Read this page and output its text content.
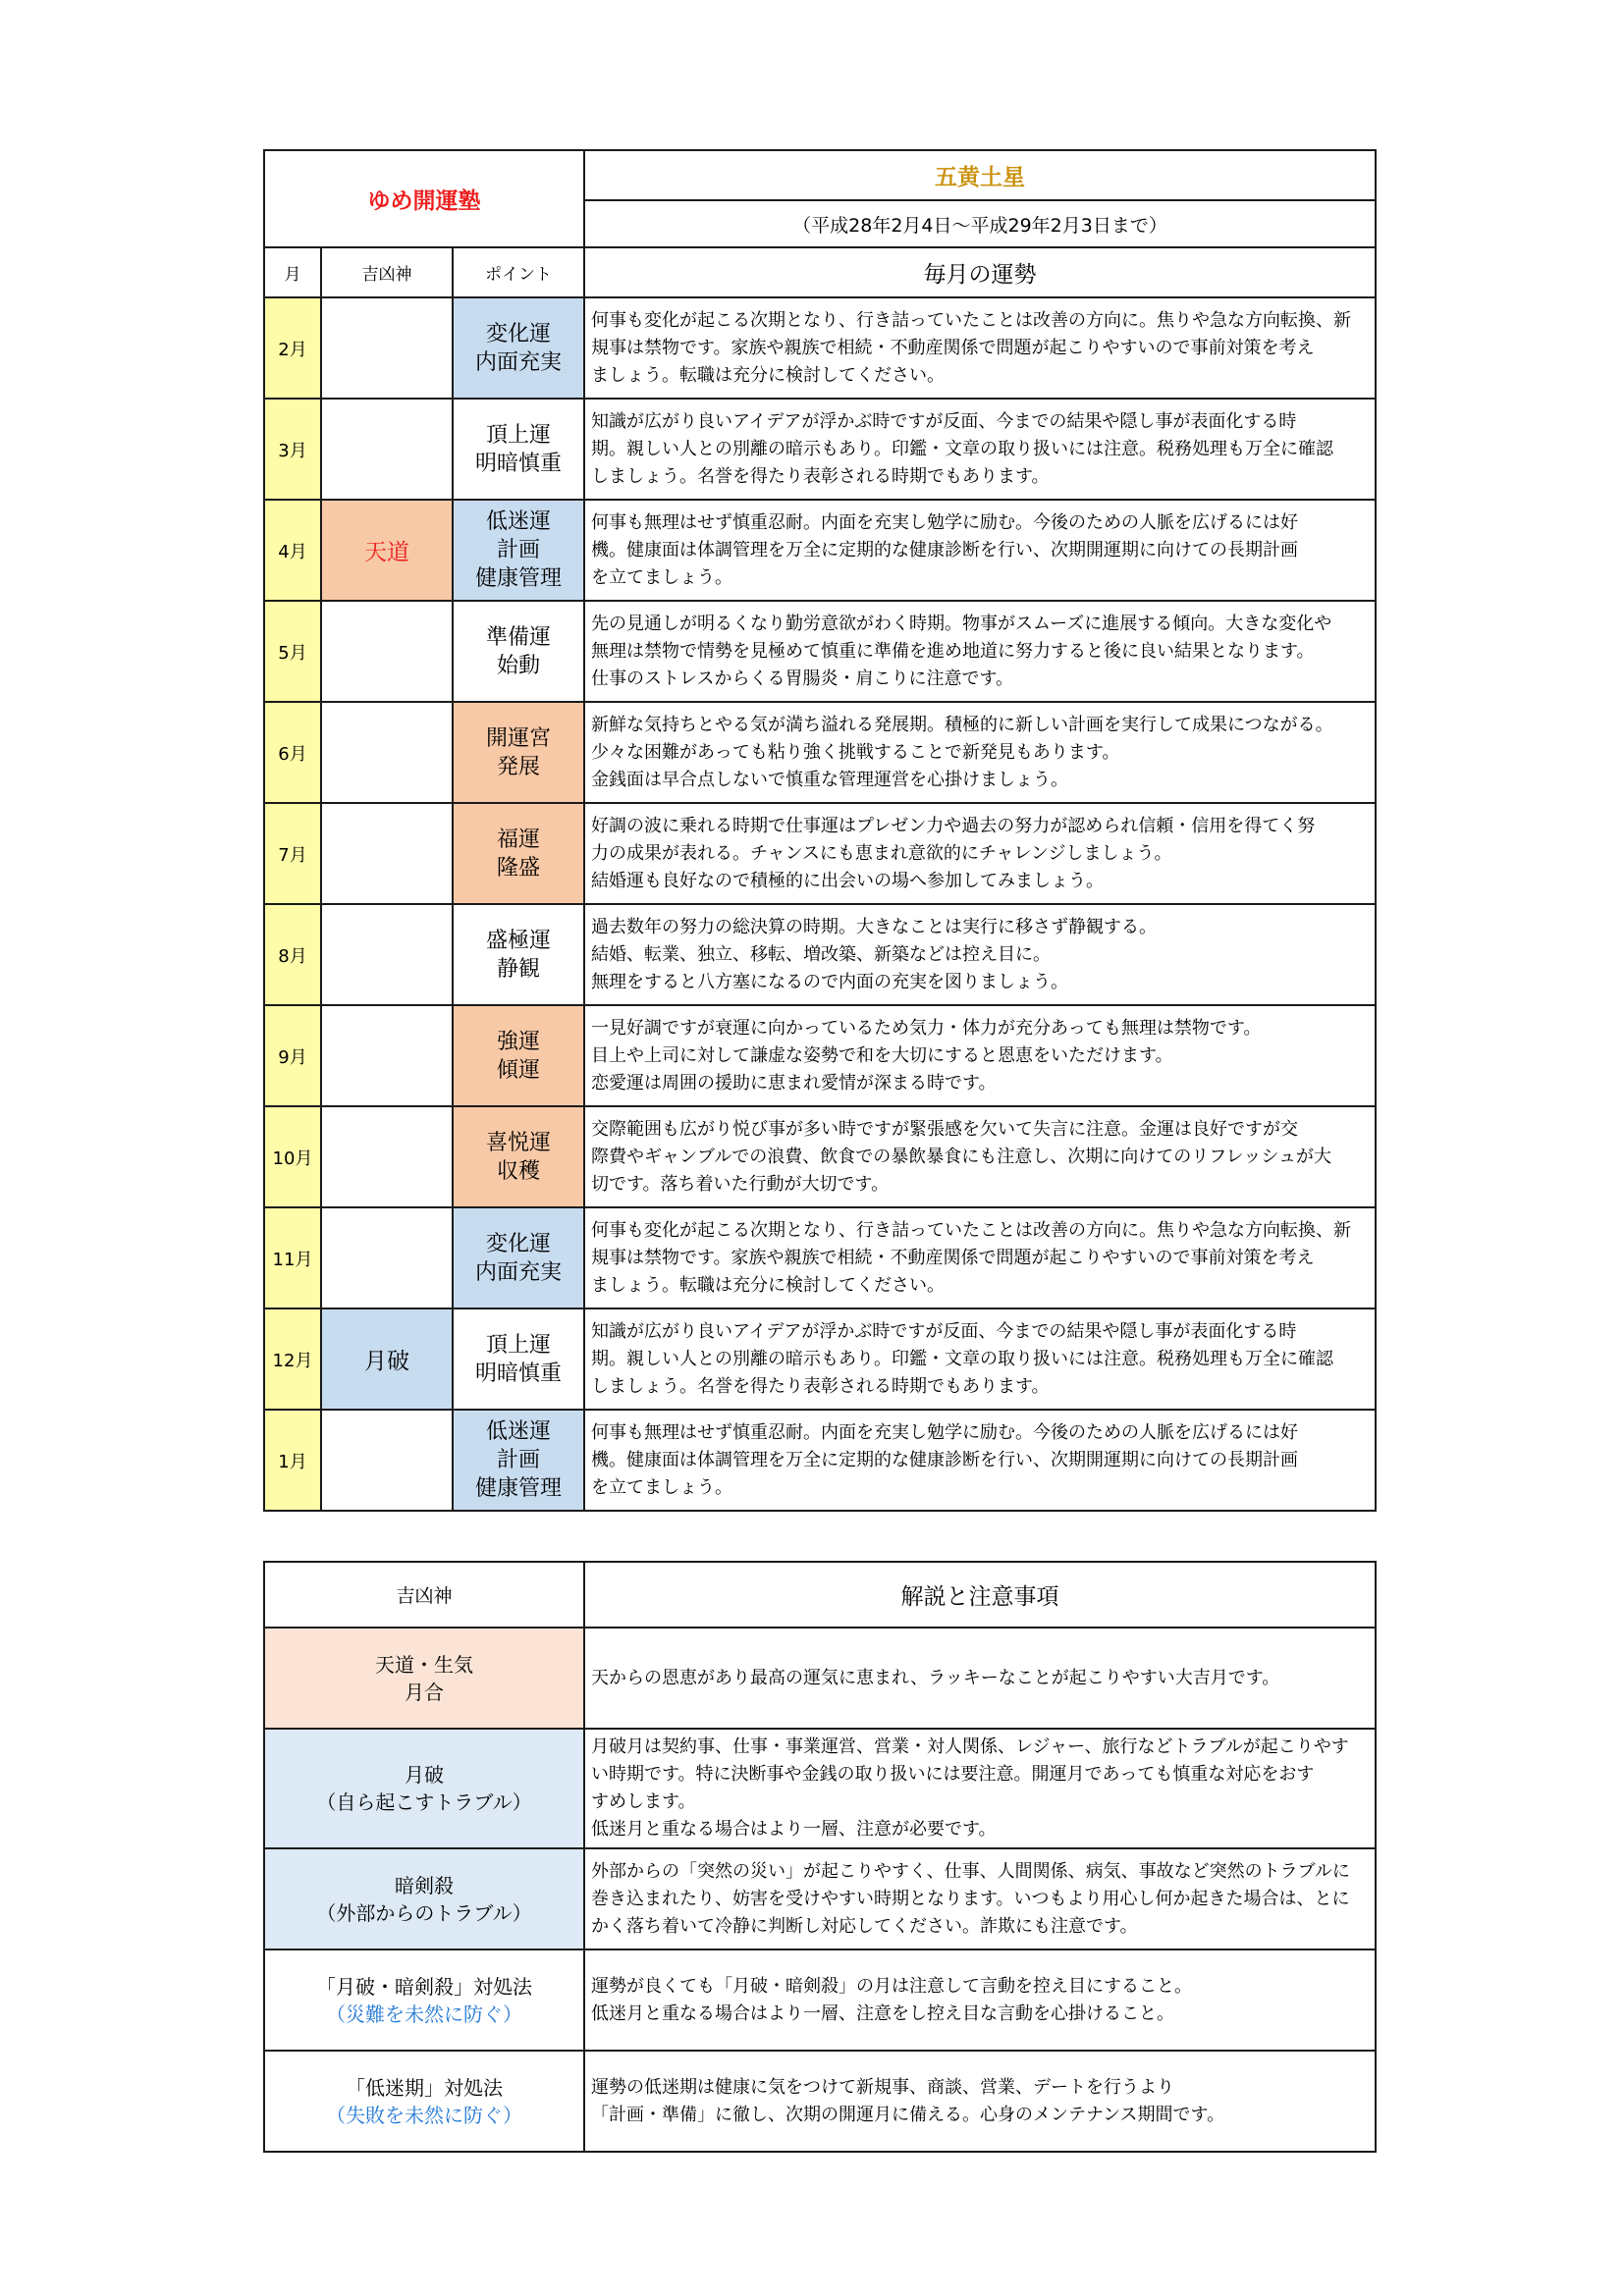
ゆめ開運塾			五黄土星
			（平成28年2月4日～平成29年2月3日まで）
月	吉凶神	ポイント	毎月の運勢
2月		変化運
内面充実	何事も変化が起こる次期となり、行き詰っていたことは改善の方向に。焦りや急な方向転換、新
規事は禁物です。家族や親族で相続・不動産関係で問題が起こりやすいので事前対策を考え
ましょう。転職は充分に検討してください。

3月		頂上運
明暗慎重	知識が広がり良いアイデアが浮かぶ時ですが反面、今までの結果や隠し事が表面化する時
期。親しい人との別離の暗示もあり。印鑑・文章の取り扱いには注意。税務処理も万全に確認
しましょう。名誉を得たり表彰される時期でもあります。

4月	天道	低迷運
計画
健康管理	何事も無理はせず慎重忍耐。内面を充実し勉学に励む。今後のための人脈を広げるには好
機。健康面は体調管理を万全に定期的な健康診断を行い、次期開運期に向けての長期計画
を立てましょう。

5月		準備運
始動	先の見通しが明るくなり勤労意欲がわく時期。物事がスムーズに進展する傾向。大きな変化や
無理は禁物で情勢を見極めて慎重に準備を進め地道に努力すると後に良い結果となります。
仕事のストレスからくる胃腸炎・肩こりに注意です。

6月		開運宮
発展	新鮮な気持ちとやる気が満ち溢れる発展期。積極的に新しい計画を実行して成果につながる。
少々な困難があっても粘り強く挑戦することで新発見もあります。
金銭面は早合点しないで慎重な管理運営を心掛けましょう。

7月		福運
隆盛	好調の波に乗れる時期で仕事運はプレゼン力や過去の努力が認められ信頼・信用を得てく努
力の成果が表れる。チャンスにも恵まれ意欲的にチャレンジしましょう。
結婚運も良好なので積極的に出会いの場へ参加してみましょう。

8月		盛極運
静観	過去数年の努力の総決算の時期。大きなことは実行に移さず静観する。
結婚、転業、独立、移転、増改築、新築などは控え目に。
無理をすると八方塞になるので内面の充実を図りましょう。

9月		強運
傾運	一見好調ですが衰運に向かっているため気力・体力が充分あっても無理は禁物です。
目上や上司に対して謙虚な姿勢で和を大切にすると恩恵をいただけます。
恋愛運は周囲の援助に恵まれ愛情が深まる時です。

10月		喜悦運
収穫	交際範囲も広がり悦び事が多い時ですが緊張感を欠いて失言に注意。金運は良好ですが交
際費やギャンブルでの浪費、飲食での暴飲暴食にも注意し、次期に向けてのリフレッシュが大
切です。落ち着いた行動が大切です。

11月		変化運
内面充実	何事も変化が起こる次期となり、行き詰っていたことは改善の方向に。焦りや急な方向転換、新
規事は禁物です。家族や親族で相続・不動産関係で問題が起こりやすいので事前対策を考え
ましょう。転職は充分に検討してください。

12月	月破	頂上運
明暗慎重	知識が広がり良いアイデアが浮かぶ時ですが反面、今までの結果や隠し事が表面化する時
期。親しい人との別離の暗示もあり。印鑑・文章の取り扱いには注意。税務処理も万全に確認
しましょう。名誉を得たり表彰される時期でもあります。

1月		低迷運
計画
健康管理	何事も無理はせず慎重忍耐。内面を充実し勉学に励む。今後のための人脈を広げるには好
機。健康面は体調管理を万全に定期的な健康診断を行い、次期開運期に向けての長期計画
を立てましょう。
吉凶神	解説と注意事項

天道・生気
月合	天からの恩恵があり最高の運気に恵まれ、ラッキーなことが起こりやすい大吉月です。

月破
（自ら起こすトラブル）	月破月は契約事、仕事・事業運営、営業・対人関係、レジャー、旅行などトラブルが起こりやす
い時期です。特に決断事や金銭の取り扱いには要注意。開運月であっても慎重な対応をおす
すめします。
低迷月と重なる場合はより一層、注意が必要です。

暗剣殺
（外部からのトラブル）	外部からの「突然の災い」が起こりやすく、仕事、人間関係、病気、事故など突然のトラブルに
巻き込まれたり、妨害を受けやすい時期となります。いつもより用心し何か起きた場合は、とに
かく落ち着いて冷静に判断し対応してください。詐欺にも注意です。

「月破・暗剣殺」対処法
（災難を未然に防ぐ）	運勢が良くても「月破・暗剣殺」の月は注意して言動を控え目にすること。
低迷月と重なる場合はより一層、注意をし控え目な言動を心掛けること。

「低迷期」対処法
（失敗を未然に防ぐ）	運勢の低迷期は健康に気をつけて新規事、商談、営業、デートを行うより
「計画・準備」に徹し、次期の開運月に備える。心身のメンテナンス期間です。
